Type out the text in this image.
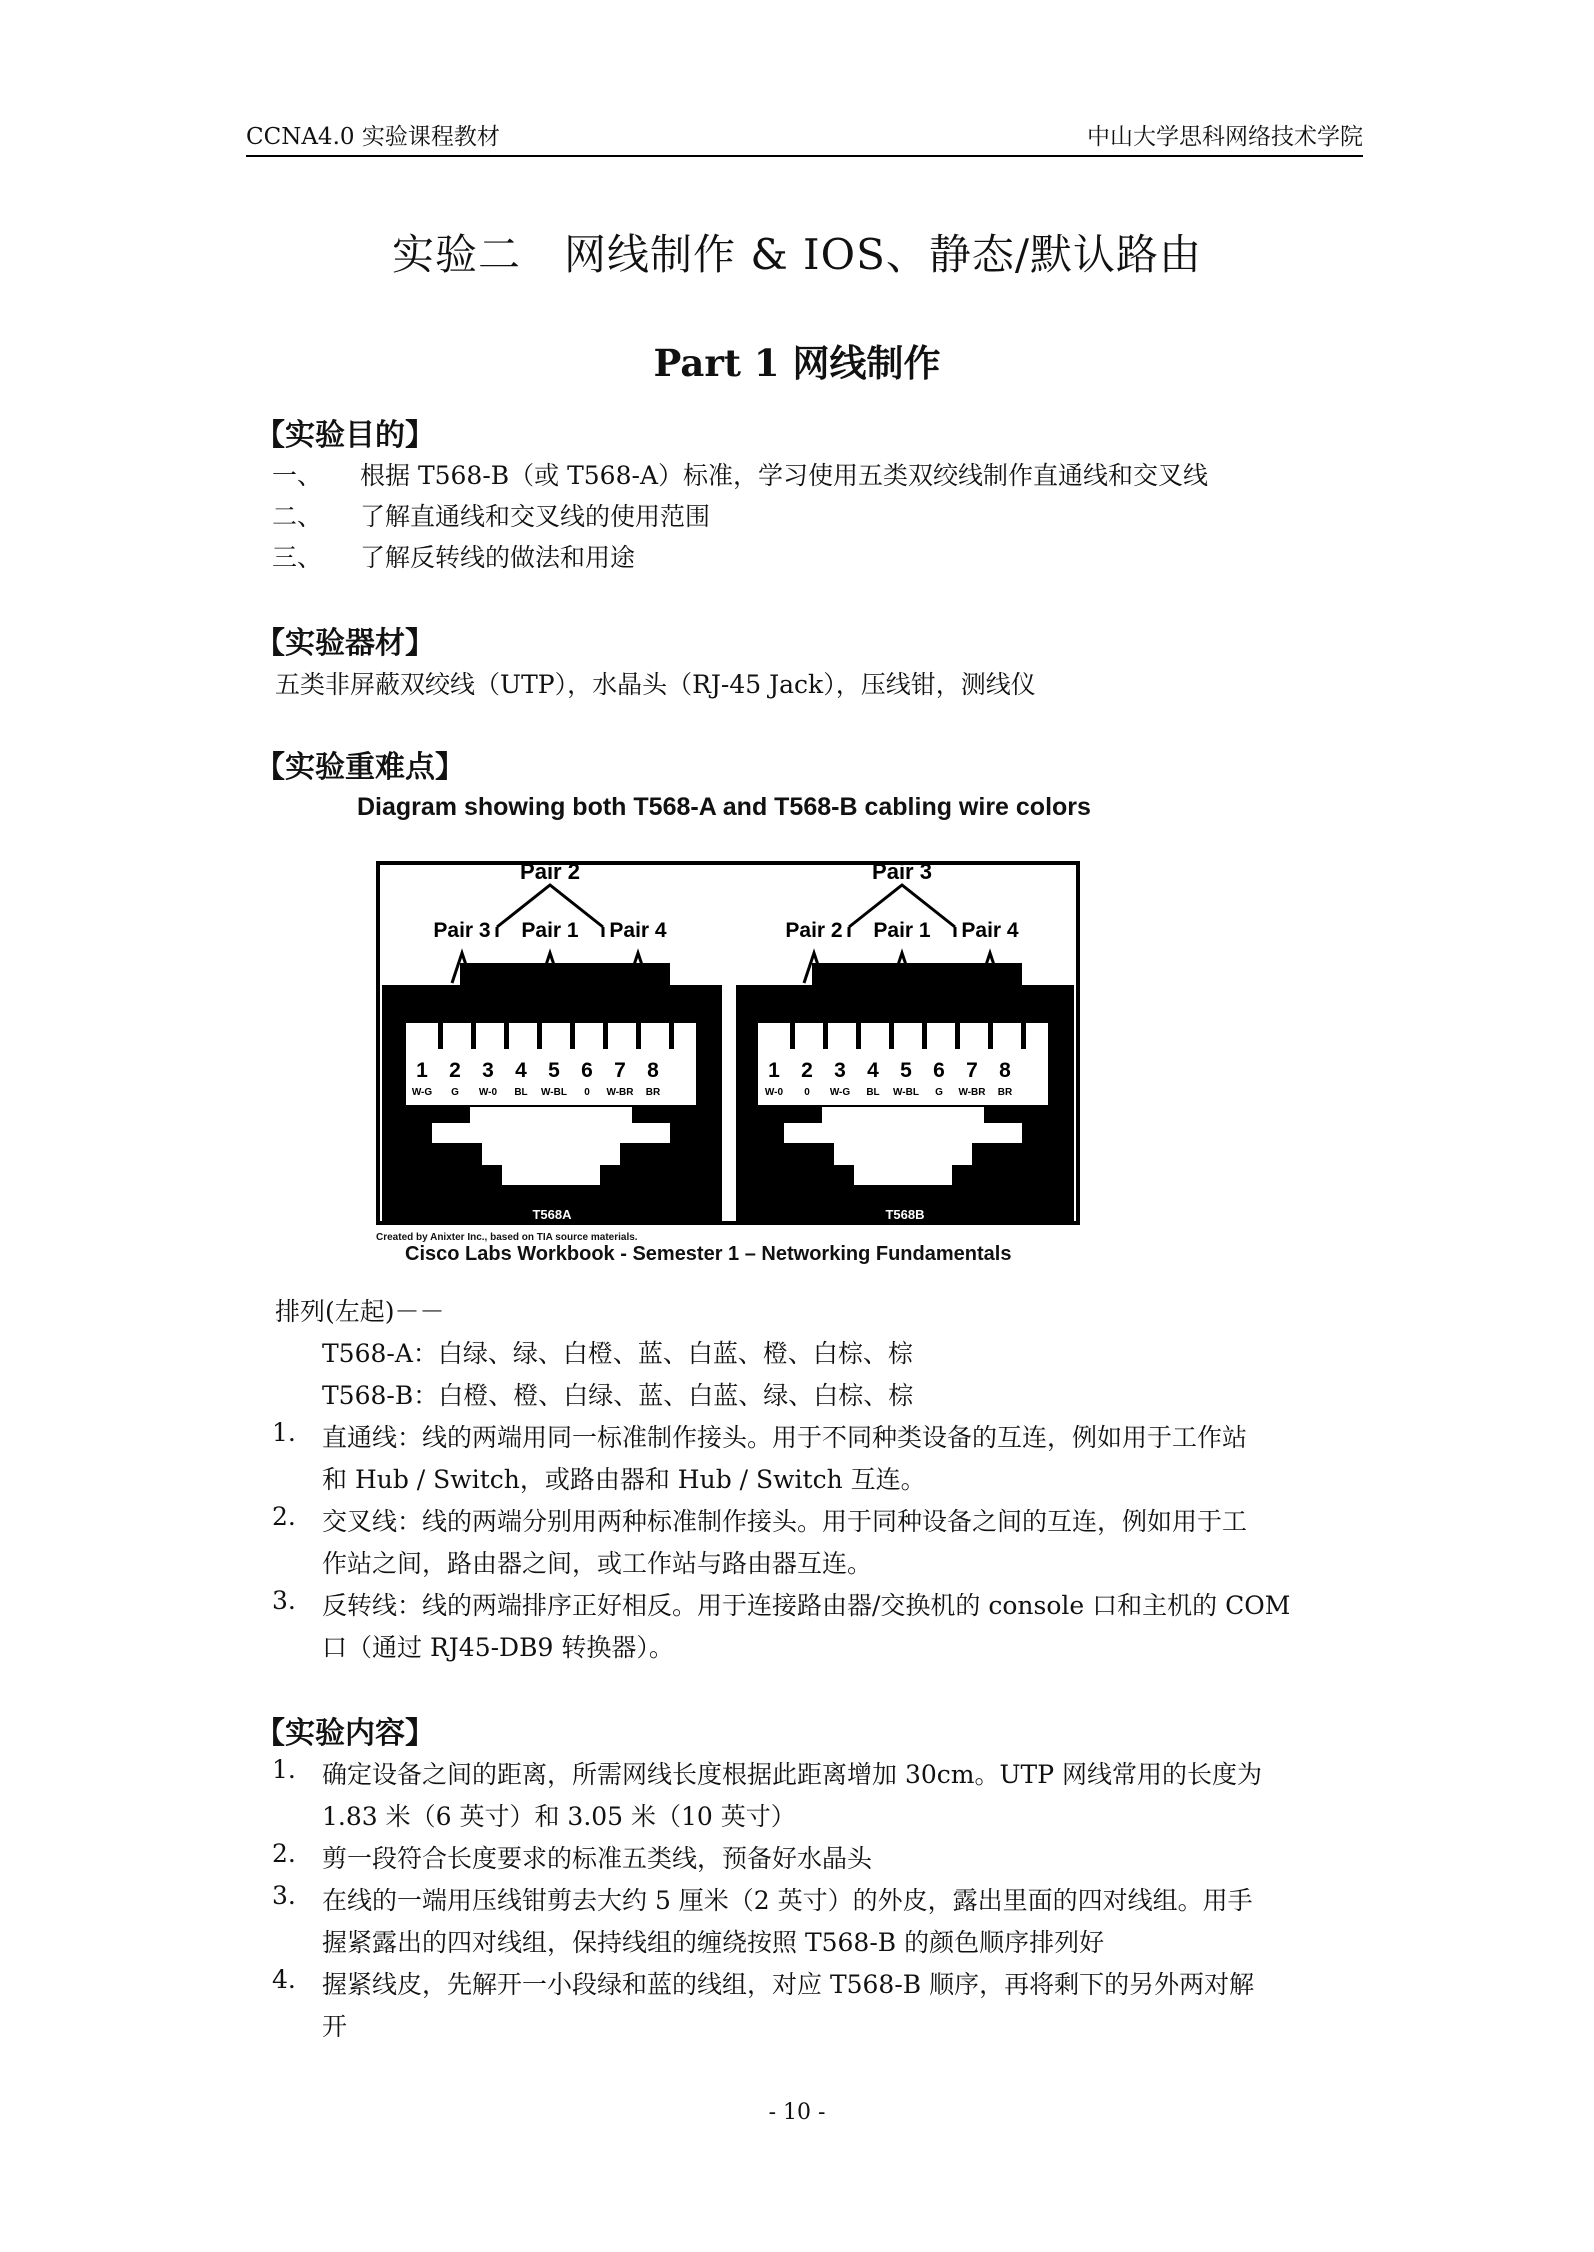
CCNA4.0 实验课程教材	中山大学思科网络技术学院
实验二　网线制作 & IOS、静态/默认路由
Part 1 网线制作
【实验目的】
一、 根据 T568-B（或 T568-A）标准，学习使用五类双绞线制作直通线和交叉线
二、 了解直通线和交叉线的使用范围
三、 了解反转线的做法和用途
【实验器材】
五类非屏蔽双绞线（UTP），水晶头（RJ-45 Jack），压线钳，测线仪
【实验重难点】
Diagram showing both T568-A and T568-B cabling wire colors
Pair 2
Pair 3 Pair 1 Pair 4
1 2 3 4 5 6 7 8
W-G G W-0 BL W-BL 0 W-BR BR
T568A
Pair 3
Pair 2 Pair 1 Pair 4
1 2 3 4 5 6 7 8
W-0 0 W-G BL W-BL G W-BR BR
T568B
Created by Anixter Inc., based on TIA source materials.
Cisco Labs Workbook - Semester 1 – Networking Fundamentals
排列(左起)－－
T568-A：白绿、绿、白橙、蓝、白蓝、橙、白棕、棕
T568-B：白橙、橙、白绿、蓝、白蓝、绿、白棕、棕
1. 直通线：线的两端用同一标准制作接头。用于不同种类设备的互连，例如用于工作站
和 Hub / Switch，或路由器和 Hub / Switch 互连。
2. 交叉线：线的两端分别用两种标准制作接头。用于同种设备之间的互连，例如用于工
作站之间，路由器之间，或工作站与路由器互连。
3. 反转线：线的两端排序正好相反。用于连接路由器/交换机的 console 口和主机的 COM
口（通过 RJ45-DB9 转换器）。
【实验内容】
1. 确定设备之间的距离，所需网线长度根据此距离增加 30cm。UTP 网线常用的长度为
1.83 米（6 英寸）和 3.05 米（10 英寸）
2. 剪一段符合长度要求的标准五类线，预备好水晶头
3. 在线的一端用压线钳剪去大约 5 厘米（2 英寸）的外皮，露出里面的四对线组。用手
握紧露出的四对线组，保持线组的缠绕按照 T568-B 的颜色顺序排列好
4. 握紧线皮，先解开一小段绿和蓝的线组，对应 T568-B 顺序，再将剩下的另外两对解
开
- 10 -
